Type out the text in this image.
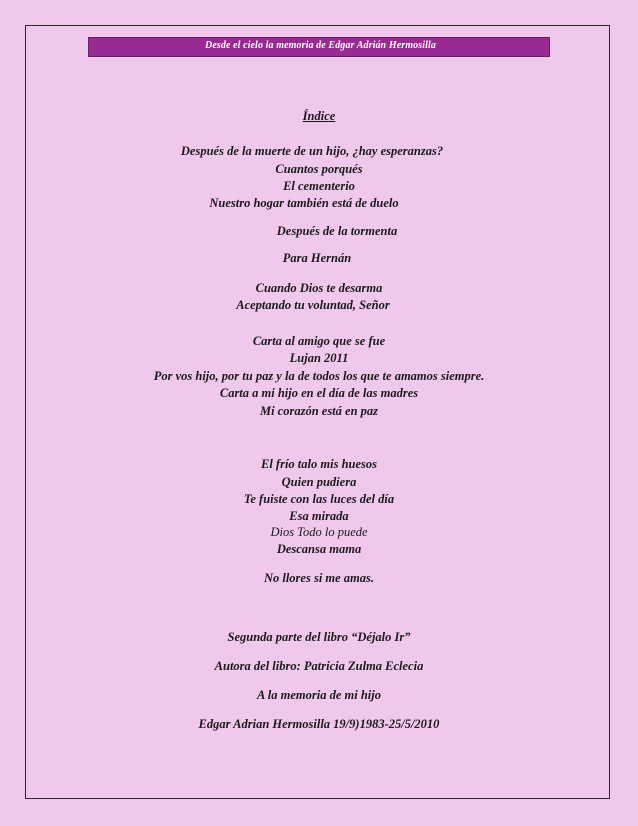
Desde el cielo la memoria de Edgar Adrián Hermosilla
Índice
Después de la muerte de un hijo, ¿hay esperanzas?
Cuantos porqués
El cementerio
Nuestro hogar también está de duelo
Después de la tormenta
Para Hernán
Cuando Dios te desarma
Aceptando tu voluntad, Señor
Carta al amigo que se fue
Lujan 2011
Por vos hijo, por tu paz y la de todos los que te amamos siempre.
Carta a mi hijo en el día de las madres
Mi corazón está en paz
El frío talo mis huesos
Quien pudiera
Te fuiste con las luces del día
Esa mirada
Dios Todo lo puede
Descansa mama
No llores si me amas.
Segunda parte del libro “Déjalo Ir”
Autora del libro: Patricia Zulma Eclecia
A la memoria de mi hijo
Edgar Adrian Hermosilla 19/9)1983-25/5/2010
